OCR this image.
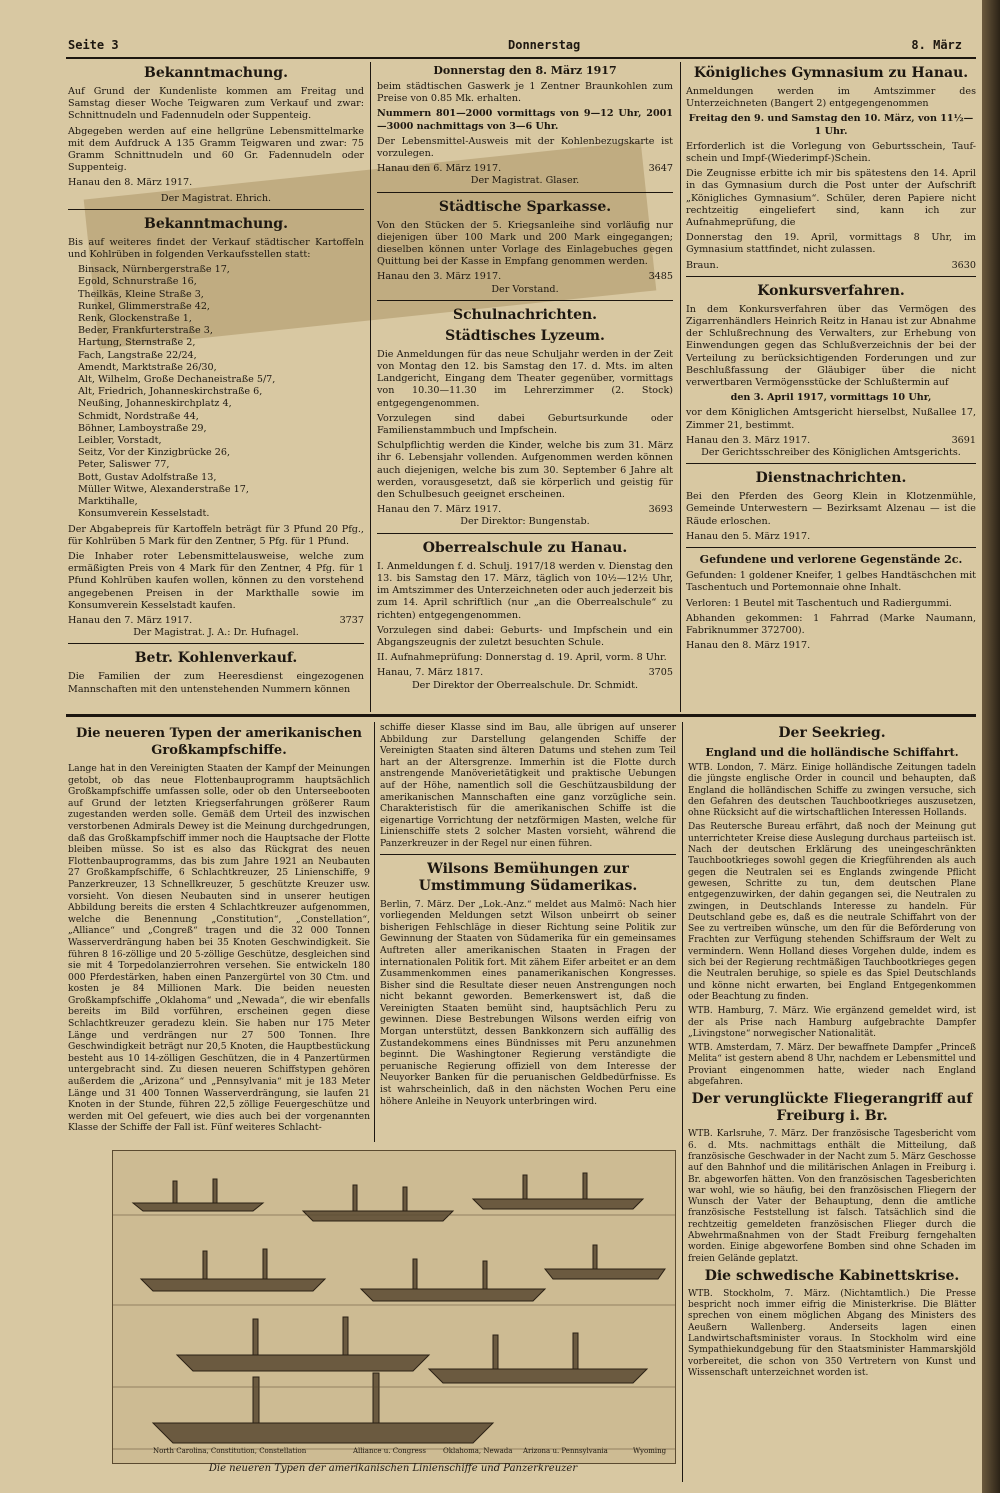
Seite 3	Donnerstag	8. März
Bekanntmachung.

Auf Grund der Kundenliste kommen am Freitag und Samstag dieser Woche Teigwaren zum Verkauf und zwar: Schnittnudeln und Fadennudeln oder Suppenteig.

Abgegeben werden auf eine hellgrüne Lebensmittelmarke mit dem Aufdruck A 135 Gramm Teigwaren und zwar: 75 Gramm Schnittnudeln und 60 Gr. Fadennudeln oder Suppenteig.

Hanau den 8. März 1917.

Der Magistrat. Ehrich.

Bekanntmachung.

Bis auf weiteres findet der Verkauf städtischer Kartoffeln und Kohlrüben in folgenden Verkaufsstellen statt:

Binsack, Nürnbergerstraße 17,
Egold, Schnurstraße 16,
Theilkäs, Kleine Straße 3,
Runkel, Glimmerstraße 42,
Renk, Glockenstraße 1,
Beder, Frankfurterstraße 3,
Hartung, Sternstraße 2,
Fach, Langstraße 22/24,
Amendt, Marktstraße 26/30,
Alt, Wilhelm, Große Dechaneistraße 5/7,
Alt, Friedrich, Johanneskirchstraße 6,
Neußing, Johanneskirchplatz 4,
Schmidt, Nordstraße 44,
Böhner, Lamboystraße 29,
Leibler, Vorstadt,
Seitz, Vor der Kinzigbrücke 26,
Peter, Saliswег 77,
Bott, Gustav Adolfstraße 13,
Müller Witwe, Alexanderstraße 17,
Marktihalle,
Konsumverein Kesselstadt.

Der Abgabepreis für Kartoffeln beträgt für 3 Pfund 20 Pfg., für Kohlrüben 5 Mark für den Zentner, 5 Pfg. für 1 Pfund.

Die Inhaber roter Lebensmittelausweise, welche zum ermäßigten Preis von 4 Mark für den Zentner, 4 Pfg. für 1 Pfund Kohlrüben kaufen wollen, können zu den vorstehend angegebenen Preisen in der Markthalle sowie im Konsumverein Kesselstadt kaufen.

Hanau den 7. März 1917.	3737

Der Magistrat. J. A.: Dr. Hufnagel.

Betr. Kohlenverkauf.

Die Familien der zum Heeresdienst eingezogenen Mannschaften mit den untenstehenden Nummern können

Donnerstag den 8. März 1917

beim städtischen Gaswerk je 1 Zentner Braunkohlen zum Preise von 0.85 Mk. erhalten.

Nummern 801—2000 vormittags von 9—12 Uhr, 2001—3000 nachmittags von 3—6 Uhr.

Der Lebensmittel-Ausweis mit der Kohlenbezugskarte ist vorzulegen.

Hanau den 6. März 1917.	3647

Der Magistrat. Glaser.

Städtische Sparkasse.

Von den Stücken der 5. Kriegsanleihe sind vorläufig nur diejenigen über 100 Mark und 200 Mark eingegangen; dieselben können unter Vorlage des Einlagebuches gegen Quittung bei der Kasse in Empfang genommen werden.

Hanau den 3. März 1917.	3485

Der Vorstand.

Schulnachrichten.
Städtisches Lyzeum.

Die Anmeldungen für das neue Schuljahr werden in der Zeit von Montag den 12. bis Samstag den 17. d. Mts. im alten Landgericht, Eingang dem Theater gegenüber, vormittags von 10.30—11.30 im Lehrerzimmer (2. Stock) entgegengenommen.

Vorzulegen sind dabei Geburtsurkunde oder Familienstammbuch und Impfschein.

Schulpflichtig werden die Kinder, welche bis zum 31. März ihr 6. Lebensjahr vollenden. Aufgenommen werden können auch diejenigen, welche bis zum 30. September 6 Jahre alt werden, vorausgesetzt, daß sie körperlich und geistig für den Schulbesuch geeignet erscheinen.

Hanau den 7. März 1917.	3693

Der Direktor: Bungenstab.

Oberrealschule zu Hanau.

I. Anmeldungen f. d. Schulj. 1917/18 werden v. Dienstag den 13. bis Samstag den 17. März, täglich von 10½—12½ Uhr, im Amtszimmer des Unterzeichneten oder auch jederzeit bis zum 14. April schriftlich (nur „an die Oberrealschule“ zu richten) entgegengenommen.

Vorzulegen sind dabei: Geburts- und Impfschein und ein Abgangszeugnis der zuletzt besuchten Schule.

II. Aufnahmeprüfung: Donnerstag d. 19. April, vorm. 8 Uhr.

Hanau, 7. März 1817.	3705

Der Direktor der Oberrealschule. Dr. Schmidt.

Königliches Gymnasium zu Hanau.

Anmeldungen werden im Amtszimmer des Unterzeichneten (Bangert 2) entgegengenommen

Freitag den 9. und Samstag den 10. März, von 11½—1 Uhr.

Erforderlich ist die Vorlegung von Geburtsschein, Tauf- schein und Impf-(Wiederimpf-)Schein.

Die Zeugnisse erbitte ich mir bis spätestens den 14. April in das Gymnasium durch die Post unter der Aufschrift „Königliches Gymnasium“. Schüler, deren Papiere nicht rechtzeitig eingeliefert sind, kann ich zur Aufnahmeprüfung, die

Donnerstag den 19. April, vormittags 8 Uhr, im Gymnasium stattfindet, nicht zulassen.

Braun.	3630
Konkursverfahren.

In dem Konkursverfahren über das Vermögen des Zigarrenhändlers Heinrich Reitz in Hanau ist zur Abnahme der Schlußrechnung des Verwalters, zur Erhebung von Einwendungen gegen das Schlußverzeichnis der bei der Verteilung zu berücksichtigenden Forderungen und zur Beschlußfassung der Gläubiger über die nicht verwertbaren Vermögensstücke der Schlußtermin auf

den 3. April 1917, vormittags 10 Uhr,

vor dem Königlichen Amtsgericht hierselbst, Nußallee 17, Zimmer 21, bestimmt.

Hanau den 3. März 1917.	3691

Der Gerichtsschreiber des Königlichen Amtsgerichts.

Dienstnachrichten.

Bei den Pferden des Georg Klein in Klotzenmühle, Gemeinde Unterwestern — Bezirksamt Alzenau — ist die Räude erloschen.

Hanau den 5. März 1917.

Gefundene und verlorene Gegenstände 2c.

Gefunden: 1 goldener Kneifer, 1 gelbes Handtäschchen mit Taschentuch und Portemonnaie ohne Inhalt.

Verloren: 1 Beutel mit Taschentuch und Radiergummi.

Abhanden gekommen: 1 Fahrrad (Marke Naumann, Fabriknummer 372700).

Hanau den 8. März 1917.

Die neueren Typen der amerikanischen Großkampfschiffe.

Lange hat in den Vereinigten Staaten der Kampf der Meinungen getobt, ob das neue Flottenbauprogramm hauptsächlich Großkampfschiffe umfassen solle, oder ob den Unterseebooten auf Grund der letzten Kriegserfahrungen größerer Raum zugestanden werden solle. Gemäß dem Urteil des inzwischen verstorbenen Admirals Dewey ist die Meinung durchgedrungen, daß das Großkampfschiff immer noch die Hauptsache der Flotte bleiben müsse. So ist es also das Rückgrat des neuen Flottenbauprogramms, das bis zum Jahre 1921 an Neubauten 27 Großkampfschiffe, 6 Schlachtkreuzer, 25 Linienschiffe, 9 Panzerkreuzer, 13 Schnellkreuzer, 5 geschützte Kreuzer usw. vorsieht. Von diesen Neubauten sind in unserer heutigen Abbildung bereits die ersten 4 Schlachtkreuzer aufgenommen, welche die Benennung „Constitution“, „Constellation“, „Alliance“ und „Congreß“ tragen und die 32 000 Tonnen Wasserverdrängung haben bei 35 Knoten Geschwindigkeit. Sie führen 8 16-zöllige und 20 5-zöllige Geschütze, desgleichen sind sie mit 4 Torpedolanzierrohren versehen. Sie entwickeln 180 000 Pferdestärken, haben einen Panzergürtel von 30 Ctm. und kosten je 84 Millionen Mark. Die beiden neuesten Großkampfschiffe „Oklahoma“ und „Newada“, die wir ebenfalls bereits im Bild vorführen, erscheinen gegen diese Schlachtkreuzer geradezu klein. Sie haben nur 175 Meter Länge und verdrängen nur 27 500 Tonnen. Ihre Geschwindigkeit beträgt nur 20,5 Knoten, die Hauptbestückung besteht aus 10 14-zölligen Geschützen, die in 4 Panzertürmen untergebracht sind. Zu diesen neueren Schiffstypen gehören außerdem die „Arizona“ und „Pennsylvania“ mit je 183 Meter Länge und 31 400 Tonnen Wasserverdrängung, sie laufen 21 Knoten in der Stunde, führen 22,5 zöllige Feuergeschütze und werden mit Oel gefeuert, wie dies auch bei der vorgenannten Klasse der Schiffe der Fall ist. Fünf weiteres Schlacht-

schiffe dieser Klasse sind im Bau, alle übrigen auf unserer Abbildung zur Darstellung gelangenden Schiffe der Vereinigten Staaten sind älteren Datums und stehen zum Teil hart an der Altersgrenze. Immerhin ist die Flotte durch anstrengende Manöverietätigkeit und praktische Uebungen auf der Höhe, namentlich soll die Geschützausbildung der amerikanischen Mannschaften eine ganz vorzügliche sein. Charakteristisch für die amerikanischen Schiffe ist die eigenartige Vorrichtung der netzförmigen Masten, welche für Linienschiffe stets 2 solcher Masten vorsieht, während die Panzerkreuzer in der Regel nur einen führen.

Wilsons Bemühungen zur Umstimmung Südamerikas.

Berlin, 7. März. Der „Lok.-Anz.“ meldet aus Malmö: Nach hier vorliegenden Meldungen setzt Wilson unbeirrt ob seiner bisherigen Fehlschläge in dieser Richtung seine Politik zur Gewinnung der Staaten von Südamerika für ein gemeinsames Auftreten aller amerikanischen Staaten in Fragen der internationalen Politik fort. Mit zähem Eifer arbeitet er an dem Zusammenkommen eines panamerikanischen Kongresses. Bisher sind die Resultate dieser neuen Anstrengungen noch nicht bekannt geworden. Bemerkenswert ist, daß die Vereinigten Staaten bemüht sind, hauptsächlich Peru zu gewinnen. Diese Bestrebungen Wilsons werden eifrig von Morgan unterstützt, dessen Bankkonzern sich auffällig des Zustandekommens eines Bündnisses mit Peru anzunehmen beginnt. Die Washingtoner Regierung verständigte die peruanische Regierung offiziell von dem Interesse der Neuyorker Banken für die peruanischen Geldbedürfnisse. Es ist wahrscheinlich, daß in den nächsten Wochen Peru eine höhere Anleihe in Neuyork unterbringen wird.

Der Seekrieg.
England und die holländische Schiffahrt.

WTB. London, 7. März. Einige holländische Zeitungen tadeln die jüngste englische Order in council und behaupten, daß England die holländischen Schiffe zu zwingen versuche, sich den Gefahren des deutschen Tauchbootkrieges auszusetzen, ohne Rücksicht auf die wirtschaftlichen Interessen Hollands.

Das Reutersche Bureau erfährt, daß noch der Meinung gut unterrichteter Kreise diese Auslegung durchaus parteiisch ist. Nach der deutschen Erklärung des uneingeschränkten Tauchbootkrieges sowohl gegen die Kriegführenden als auch gegen die Neutralen sei es Englands zwingende Pflicht gewesen, Schritte zu tun, dem deutschen Plane entgegenzuwirken, der dahin gegangen sei, die Neutralen zu zwingen, in Deutschlands Interesse zu handeln. Für Deutschland gebe es, daß es die neutrale Schiffahrt von der See zu vertreiben wünsche, um den für die Beförderung von Frachten zur Verfügung stehenden Schiffsraum der Welt zu vermindern. Wenn Holland dieses Vorgehen dulde, indem es sich bei der Regierung rechtmäßigen Tauchbootkrieges gegen die Neutralen beruhige, so spiele es das Spiel Deutschlands und könne nicht erwarten, bei England Entgegenkommen oder Beachtung zu finden.

WTB. Hamburg, 7. März. Wie ergänzend gemeldet wird, ist der als Prise nach Hamburg aufgebrachte Dampfer „Livingstone“ norwegischer Nationalität.

WTB. Amsterdam, 7. März. Der bewaffnete Dampfer „Princeß Melita“ ist gestern abend 8 Uhr, nachdem er Lebensmittel und Proviant eingenommen hatte, wieder nach England abgefahren.

Der verunglückte Fliegerangriff auf Freiburg i. Br.

WTB. Karlsruhe, 7. März. Der französische Tagesbericht vom 6. d. Mts. nachmittags enthält die Mitteilung, daß französische Geschwader in der Nacht zum 5. März Geschosse auf den Bahnhof und die militärischen Anlagen in Freiburg i. Br. abgeworfen hätten. Von den französischen Tagesberichten war wohl, wie so häufig, bei den französischen Fliegern der Wunsch der Vater der Behauptung, denn die amtliche französische Feststellung ist falsch. Tatsächlich sind die rechtzeitig gemeldeten französischen Flieger durch die Abwehrmaßnahmen von der Stadt Freiburg ferngehalten worden. Einige abgeworfene Bomben sind ohne Schaden im freien Gelände geplatzt.

Die schwedische Kabinettskrise.

WTB. Stockholm, 7. März. (Nichtamtlich.) Die Presse bespricht noch immer eifrig die Ministerkrise. Die Blätter sprechen von einem möglichen Abgang des Ministers des Aeußern Wallenberg. Anderseits lagen einen Landwirtschaftsminister voraus. In Stockholm wird eine Sympathiekundgebung für den Staatsminister Hammarskjöld vorbereitet, die schon von 350 Vertretern von Kunst und Wissenschaft unterzeichnet worden ist.

North Carolina, Constitution, Constellation	Alliance u. Congress Oklahoma, Newada Arizona u. Pennsylvania	Wyoming
Die neueren Typen der amerikanischen Linienschiffe und Panzerkreuzer
